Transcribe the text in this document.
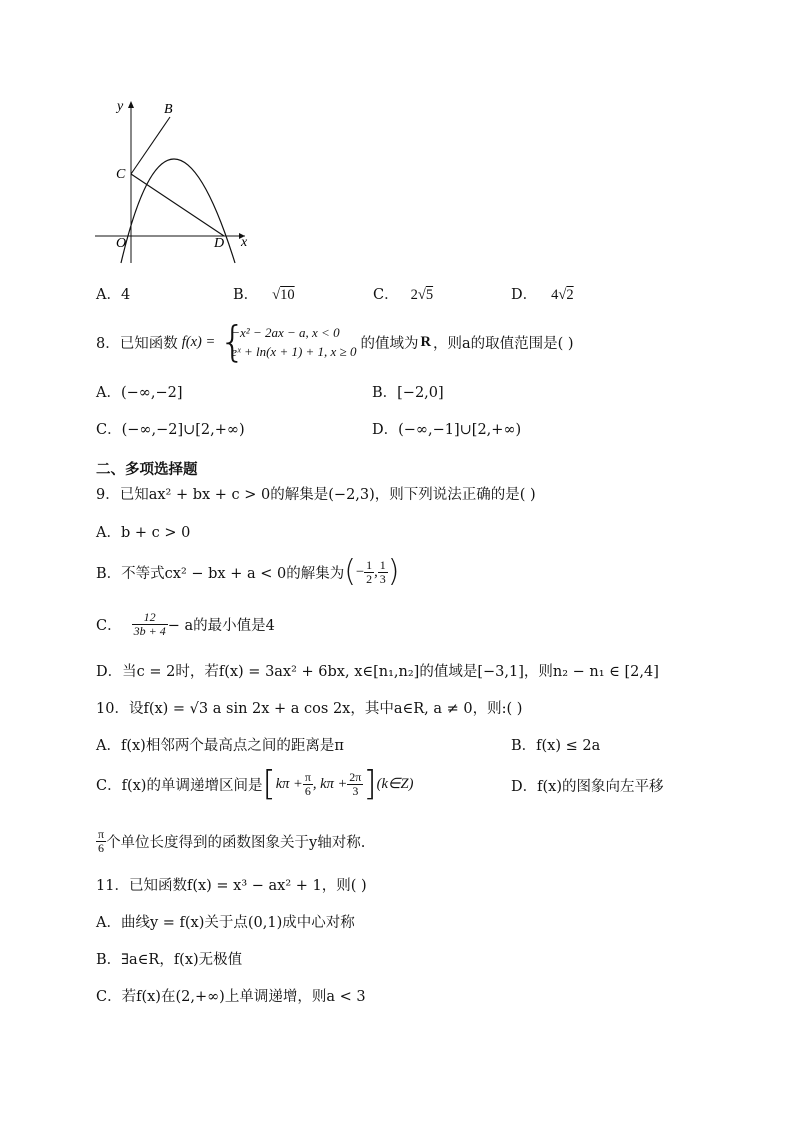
y	B
C
O	D x
A．4	B． √10	C． 2√5	D． 4√2
8．已知函数 f(x) = {
−x² − 2ax − a, x < 0
eˣ + ln(x + 1) + 1, x ≥ 0 的值域为 R ，则a的取值范围是( )
A．(−∞,−2]	B．[−2,0]
C．(−∞,−2]∪[2,+∞)	D．(−∞,−1]∪[2,+∞)
二、多项选择题
9．已知ax² + bx + c > 0的解集是(−2,3)，则下列说法正确的是( )
A．b + c > 0
B．不等式cx² − bx + a < 0的解集为 ( − $\frac{1}{2}$ , $\frac{1}{3}$ )
C． $\frac{12}{3b + 4} - a$的最小值是4
D．当c = 2时，若f(x) = 3ax² + 6bx, x∈[n₁,n₂]的值域是[−3,1]，则n₂ − n₁ ∈ [2,4]
10．设f(x) = √3 a sin 2x + a cos 2x，其中a∈R, a ≠ 0，则:( )
A．f(x)相邻两个最高点之间的距离是π	B．f(x) ≤ 2a
C．f(x)的单调递增区间是 [ $k\pi + \frac{\pi}{6}$ , $k\pi + \frac{2\pi}{3}$ ] (k∈Z)	D．f(x)的图象向左平移
$\frac{\pi}{6}$ 个单位长度得到的函数图象关于y轴对称.
11．已知函数f(x) = x³ − ax² + 1，则( )
A．曲线y = f(x)关于点(0,1)成中心对称
B．∃a∈R，f(x)无极值
C．若f(x)在(2,+∞)上单调递增，则a < 3
